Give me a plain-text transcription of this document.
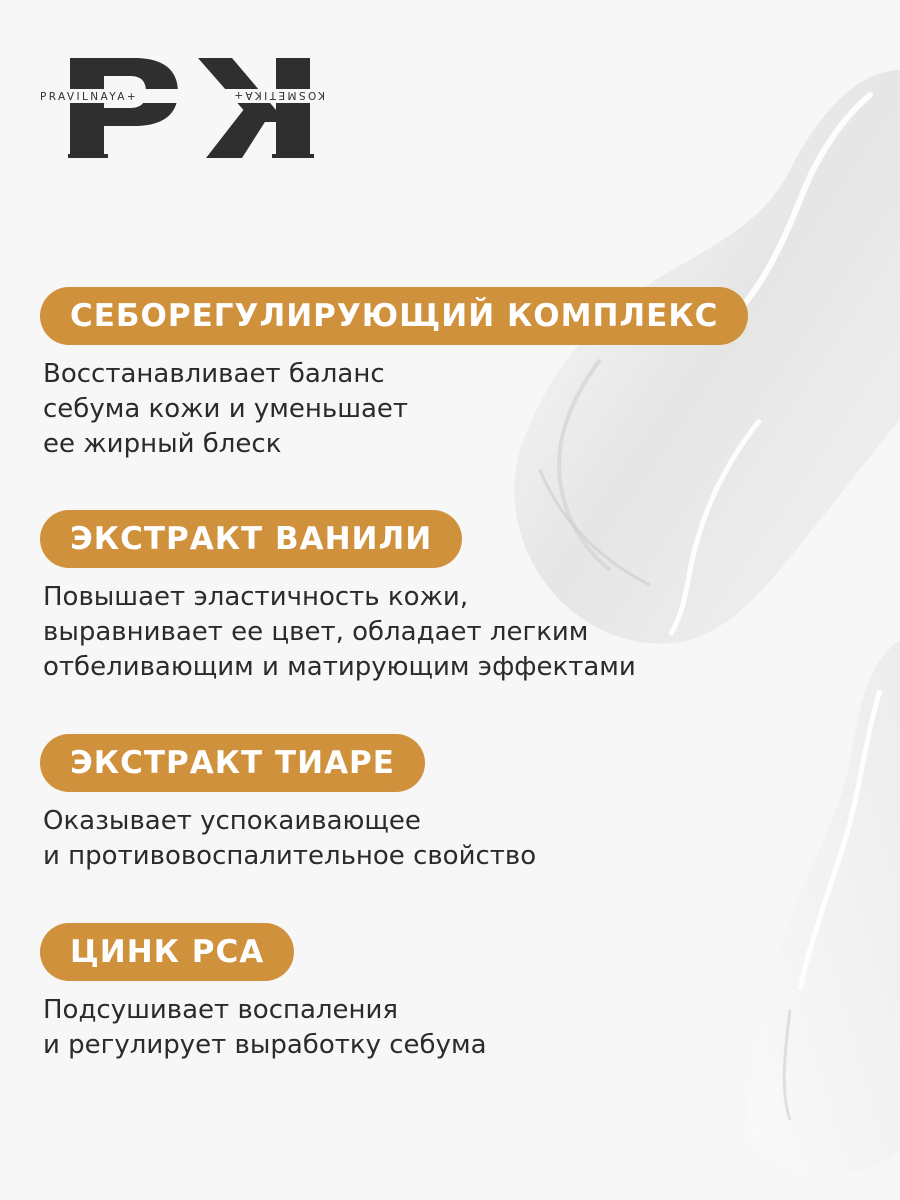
PRAVILNAYA+	KOSMETIKA+
СЕБОРЕГУЛИРУЮЩИЙ КОМПЛЕКС
Восстанавливает баланс
себума кожи и уменьшает
ее жирный блеск
ЭКСТРАКТ ВАНИЛИ
Повышает эластичность кожи,
выравнивает ее цвет, обладает легким
отбеливающим и матирующим эффектами
ЭКСТРАКТ ТИАРЕ
Оказывает успокаивающее
и противовоспалительное свойство
ЦИНК PCA
Подсушивает воспаления
и регулирует выработку себума
